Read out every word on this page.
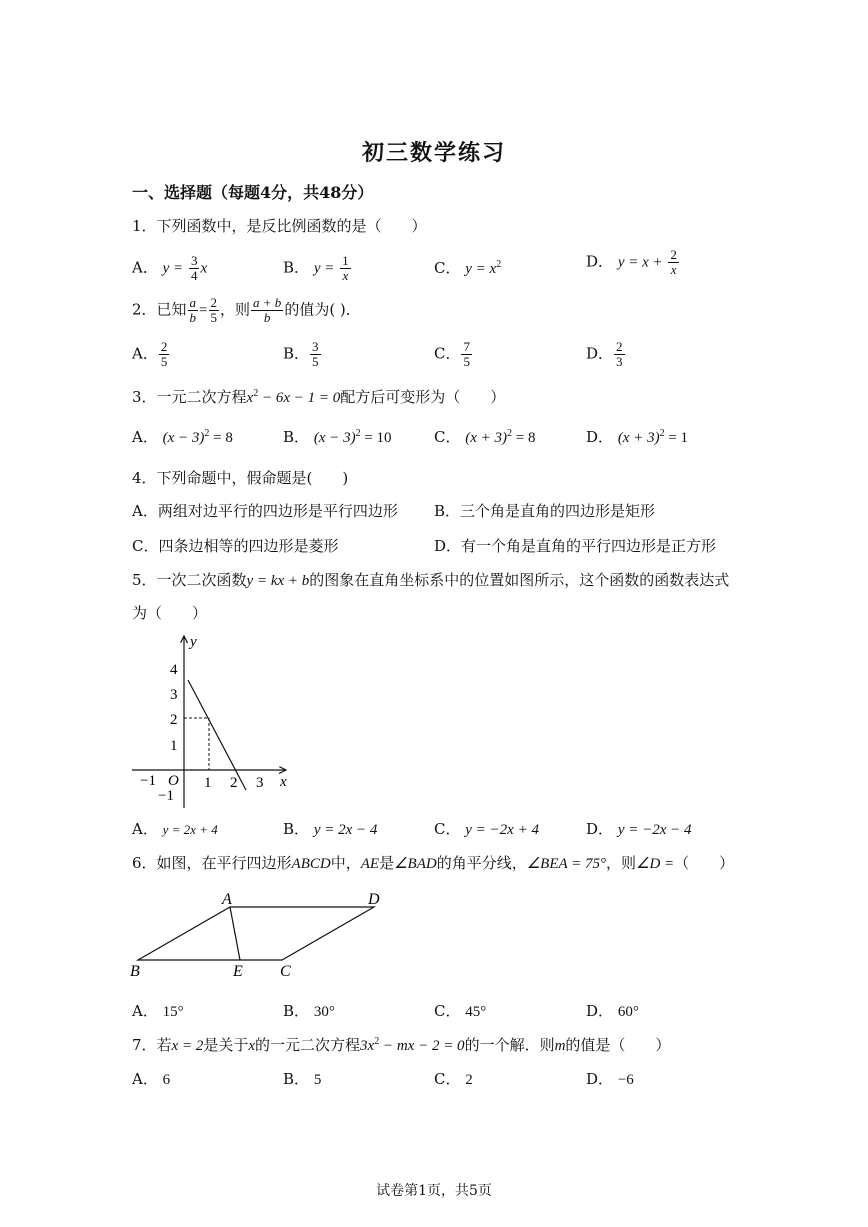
初三数学练习
一、选择题（每题4分，共48分）
1．下列函数中，是反比例函数的是（　　）
A． $y = \frac{3}{4}$ x	B． $y = \frac{1}{x}$	C． $y = x^2$	D． $y = x + \frac{2}{x}$
2．已知 $\frac{a}{b} = \frac{2}{5}$ ，则 $\frac{a + b}{b}$ 的值为( )．
A． $\frac{2}{5}$	B． $\frac{3}{5}$	C． $\frac{7}{5}$	D． $\frac{2}{3}$
3．一元二次方程$x^2 - 6x - 1 = 0$配方后可变形为（　　）
A． $(x - 3)^2 = 8$	B． $(x - 3)^2 = 10$	C． $(x + 3)^2 = 8$	D． $(x + 3)^2 = 1$
4．下列命题中，假命题是(　　)
A．两组对边平行的四边形是平行四边形 B．三个角是直角的四边形是矩形
C．四条边相等的四边形是菱形	D．有一个角是直角的平行四边形是正方形
5．一次二次函数y = kx + b的图象在直角坐标系中的位置如图所示，这个函数的函数表达式
为（　　）
y
x
O
−1	1 2 3
4
3
2
1
−1
A． y = 2x + 4	B． y = 2x − 4	C． y = −2x + 4	D． y = −2x − 4
6．如图，在平行四边形ABCD中，AE是∠BAD的角平分线，∠BEA = 75°，则∠D =（　　）
A	D
B	E C
A． 15°	B． 30°	C． 45°	D． 60°
7．若x = 2是关于x的一元二次方程$3x^2$ − mx − 2 = 0的一个解．则m的值是（　　）
A． 6	B． 5	C． 2	D． −6
试卷第1页，共5页
